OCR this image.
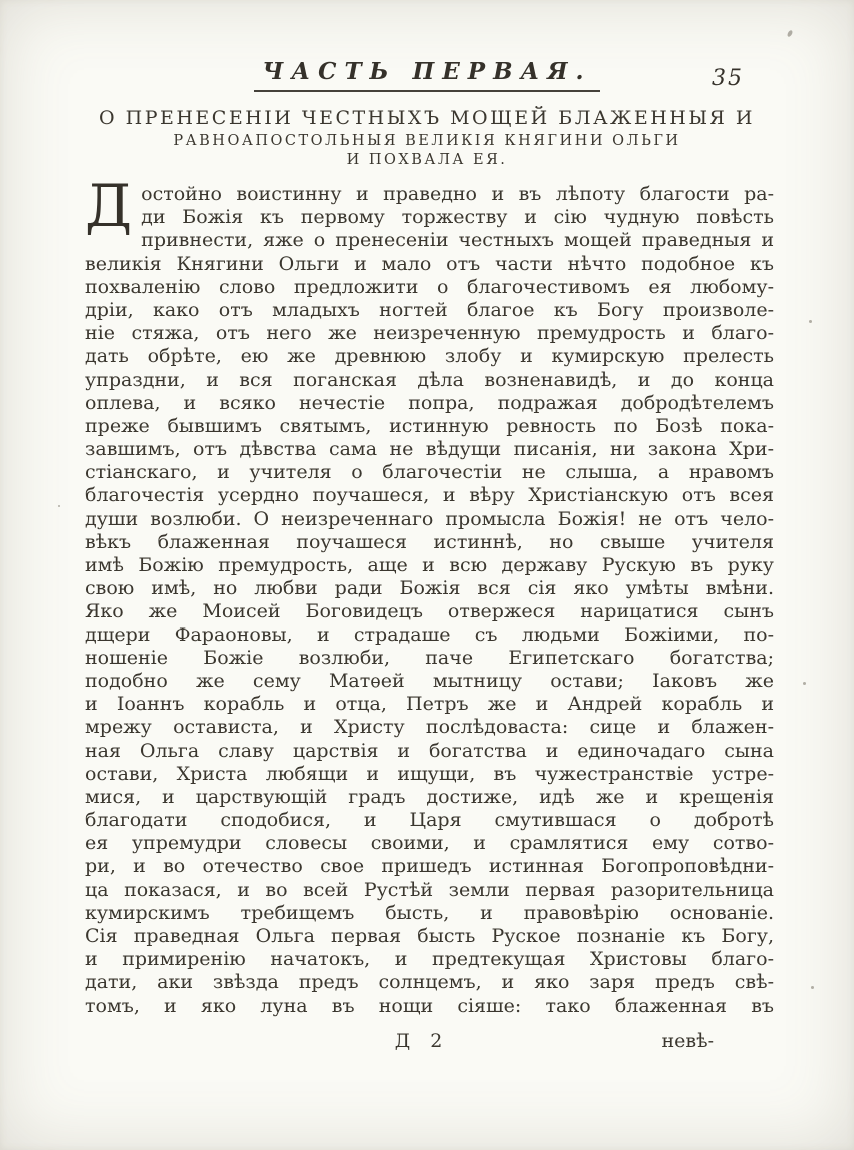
ЧАСТЬ ПЕРВАЯ.	35
О ПРЕНЕСЕНІИ ЧЕСТНЫХЪ МОЩЕЙ БЛАЖЕННЫЯ И
РАВНОАПОСТОЛЬНЫЯ ВЕЛИКІЯ КНЯГИНИ ОЛЬГИ
И ПОХВАЛА ЕЯ.
Д остойно воистинну и праведно и въ лѣпоту благости ра-
ди Божія къ первому торжеству и сію чудную повѣсть
привнести, яже о пренесеніи честныхъ мощей праведныя и
великія Княгини Ольги и мало отъ части нѣчто подобное къ
похваленію слово предложити о благочестивомъ ея любому-
дріи, како отъ младыхъ ногтей благое къ Богу произволе-
ніе стяжа, отъ него же неизреченную премудрость и благо-
дать обрѣте, ею же древнюю злобу и кумирскую прелесть
упраздни, и вся поганская дѣла возненавидѣ, и до конца
оплева, и всяко нечестіе попра, подражая добродѣтелемъ
преже бывшимъ святымъ, истинную ревность по Бозѣ пока-
завшимъ, отъ дѣвства сама не вѣдущи писанія, ни закона Хри-
стіанскаго, и учителя о благочестіи не слыша, а нравомъ
благочестія усердно поучашеся, и вѣру Христіанскую отъ всея
души возлюби. О неизреченнаго промысла Божія! не отъ чело-
вѣкъ блаженная поучашеся истиннѣ, но свыше учителя
имѣ Божію премудрость, аще и всю державу Рускую въ руку
свою имѣ, но любви ради Божія вся сія яко умѣты вмѣни.
Яко же Моисей Боговидецъ отвержеся нарицатися сынъ
дщери Фараоновы, и страдаше съ людьми Божіими, по-
ношеніе Божіе возлюби, паче Египетскаго богатства;
подобно же сему Матѳей мытницу остави; Іаковъ же
и Іоаннъ корабль и отца, Петръ же и Андрей корабль и
мрежу остависта, и Христу послѣдоваста: сице и блажен-
ная Ольга славу царствія и богатства и единочадаго сына
остави, Христа любящи и ищущи, въ чужестранствіе устре-
мися, и царствующій градъ достиже, идѣ же и крещенія
благодати сподобися, и Царя смутившася о добротѣ
ея упремудри словесы своими, и срамлятися ему сотво-
ри, и во отечество свое пришедъ истинная Богопроповѣдни-
ца показася, и во всей Рустѣй земли первая разорительница
кумирскимъ требищемъ бысть, и правовѣрію основаніе.
Сія праведная Ольга первая бысть Руское познаніе къ Богу,
и примиренію начатокъ, и предтекущая Христовы благо-
дати, аки звѣзда предъ солнцемъ, и яко заря предъ свѣ-
томъ, и яко луна въ нощи сіяше: тако блаженная въ
Д 2	невѣ-
